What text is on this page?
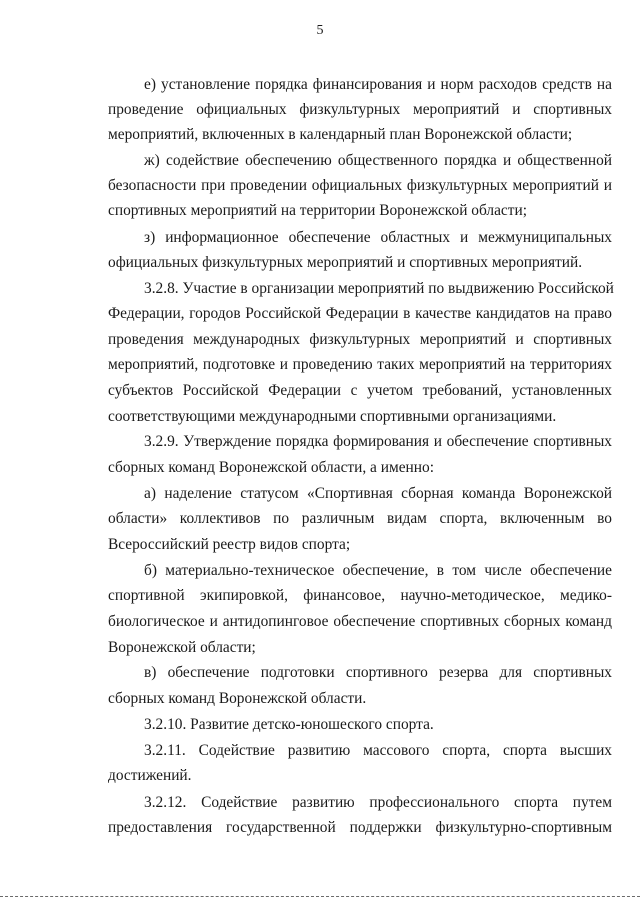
5
е) установление порядка финансирования и норм расходов средств на
проведение официальных физкультурных мероприятий и спортивных
мероприятий, включенных в календарный план Воронежской области;
ж) содействие обеспечению общественного порядка и общественной
безопасности при проведении официальных физкультурных мероприятий и
спортивных мероприятий на территории Воронежской области;
з) информационное обеспечение областных и межмуниципальных
официальных физкультурных мероприятий и спортивных мероприятий.
3.2.8. Участие в организации мероприятий по выдвижению Российской
Федерации, городов Российской Федерации в качестве кандидатов на право
проведения международных физкультурных мероприятий и спортивных
мероприятий, подготовке и проведению таких мероприятий на территориях
субъектов Российской Федерации с учетом требований, установленных
соответствующими международными спортивными организациями.
3.2.9. Утверждение порядка формирования и обеспечение спортивных
сборных команд Воронежской области, а именно:
а) наделение статусом «Спортивная сборная команда Воронежской
области» коллективов по различным видам спорта, включенным во
Всероссийский реестр видов спорта;
б) материально-техническое обеспечение, в том числе обеспечение
спортивной экипировкой, финансовое, научно-методическое, медико-
биологическое и антидопинговое обеспечение спортивных сборных команд
Воронежской области;
в) обеспечение подготовки спортивного резерва для спортивных
сборных команд Воронежской области.
3.2.10. Развитие детско-юношеского спорта.
3.2.11. Содействие развитию массового спорта, спорта высших
достижений.
3.2.12. Содействие развитию профессионального спорта путем
предоставления государственной поддержки физкультурно-спортивным
